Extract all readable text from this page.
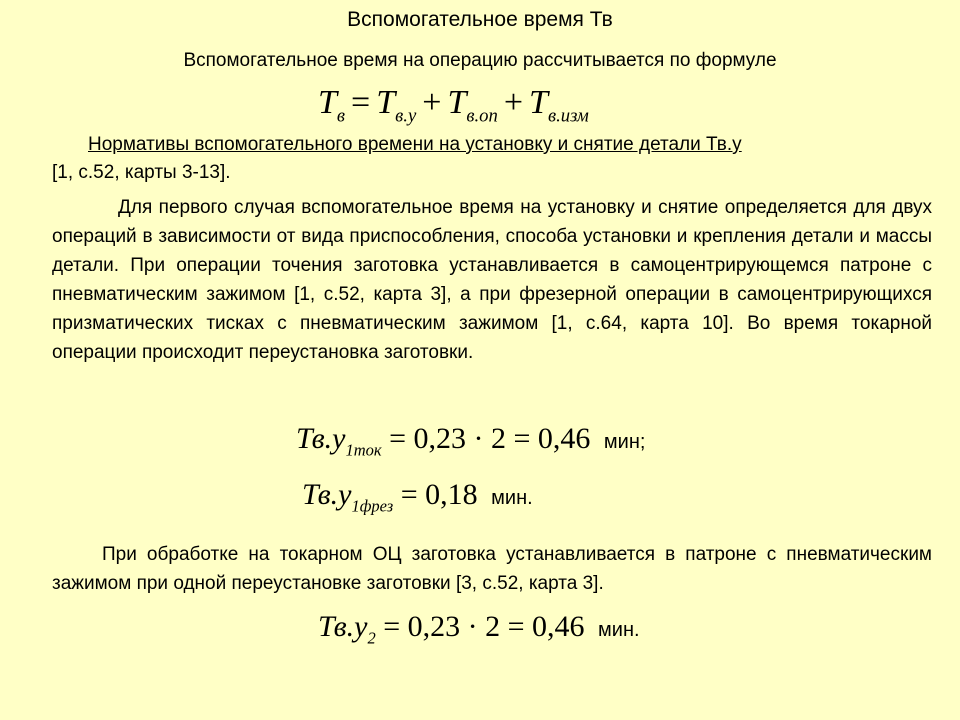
Вспомогательное время Тв
Вспомогательное время на операцию рассчитывается по формуле
$T_в = T_{в.у} + T_{в.оп} + T_{в.изм}$
Нормативы вспомогательного времени на установку и снятие детали Тв.у
[1, с.52, карты 3-13].
Для первого случая вспомогательное время на установку и снятие определяется для двух операций в зависимости от вида приспособления, способа установки и крепления детали и массы детали. При операции точения заготовка устанавливается в самоцентрирующемся патроне с пневматическим зажимом [1, с.52, карта 3], а при фрезерной операции в самоцентрирующихся призматических тисках с пневматическим зажимом [1, с.64, карта 10]. Во время токарной операции происходит переустановка заготовки.
$Тв.у_{1ток} = 0,23 \cdot 2 = 0,46$ мин;
$Тв.у_{1фрез} = 0,18$ мин.
При обработке на токарном ОЦ заготовка устанавливается в патроне с пневматическим зажимом при одной переустановке заготовки [3, с.52, карта 3].
$Тв.у_2 = 0,23 \cdot 2 = 0,46$ мин.
